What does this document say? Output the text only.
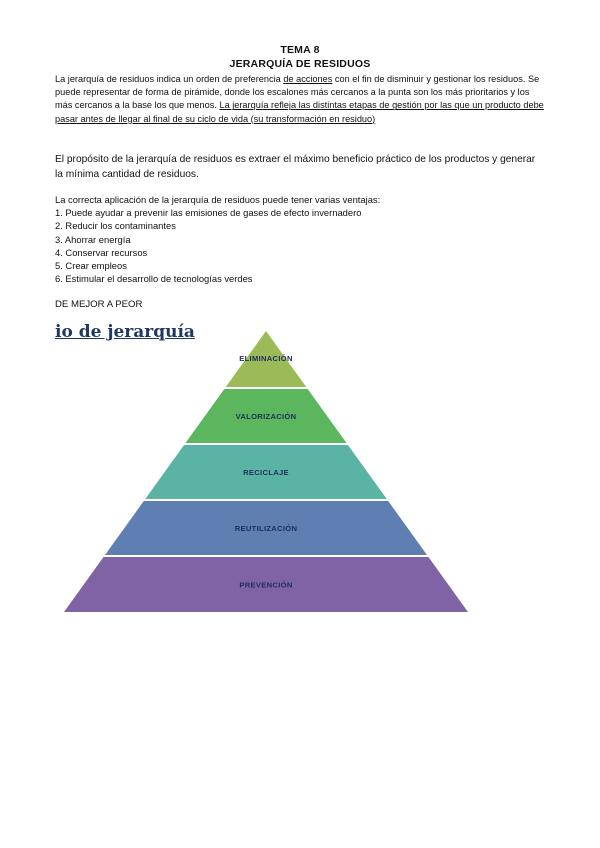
TEMA 8
JERARQUÍA DE RESIDUOS
La jerarquía de residuos indica un orden de preferencia de acciones con el fin de disminuir y gestionar los residuos. Se puede representar de forma de pirámide, donde los escalones más cercanos a la punta son los más prioritarios y los más cercanos a la base los que menos. La jerarquía refleja las distintas etapas de gestión por las que un producto debe pasar antes de llegar al final de su ciclo de vida (su transformación en residuo)
El propósito de la jerarquía de residuos es extraer el máximo beneficio práctico de los productos y generar la mínima cantidad de residuos.
La correcta aplicación de la jerarquía de residuos puede tener varias ventajas:
1. Puede ayudar a prevenir las emisiones de gases de efecto invernadero
2. Reducir los contaminantes
3. Ahorrar energía
4. Conservar recursos
5. Crear empleos
6. Estimular el desarrollo de tecnologías verdes
DE MEJOR A PEOR
io de jerarquía
ELIMINACIÓN
VALORIZACIÓN
RECICLAJE
REUTILIZACIÓN
PREVENCIÓN
